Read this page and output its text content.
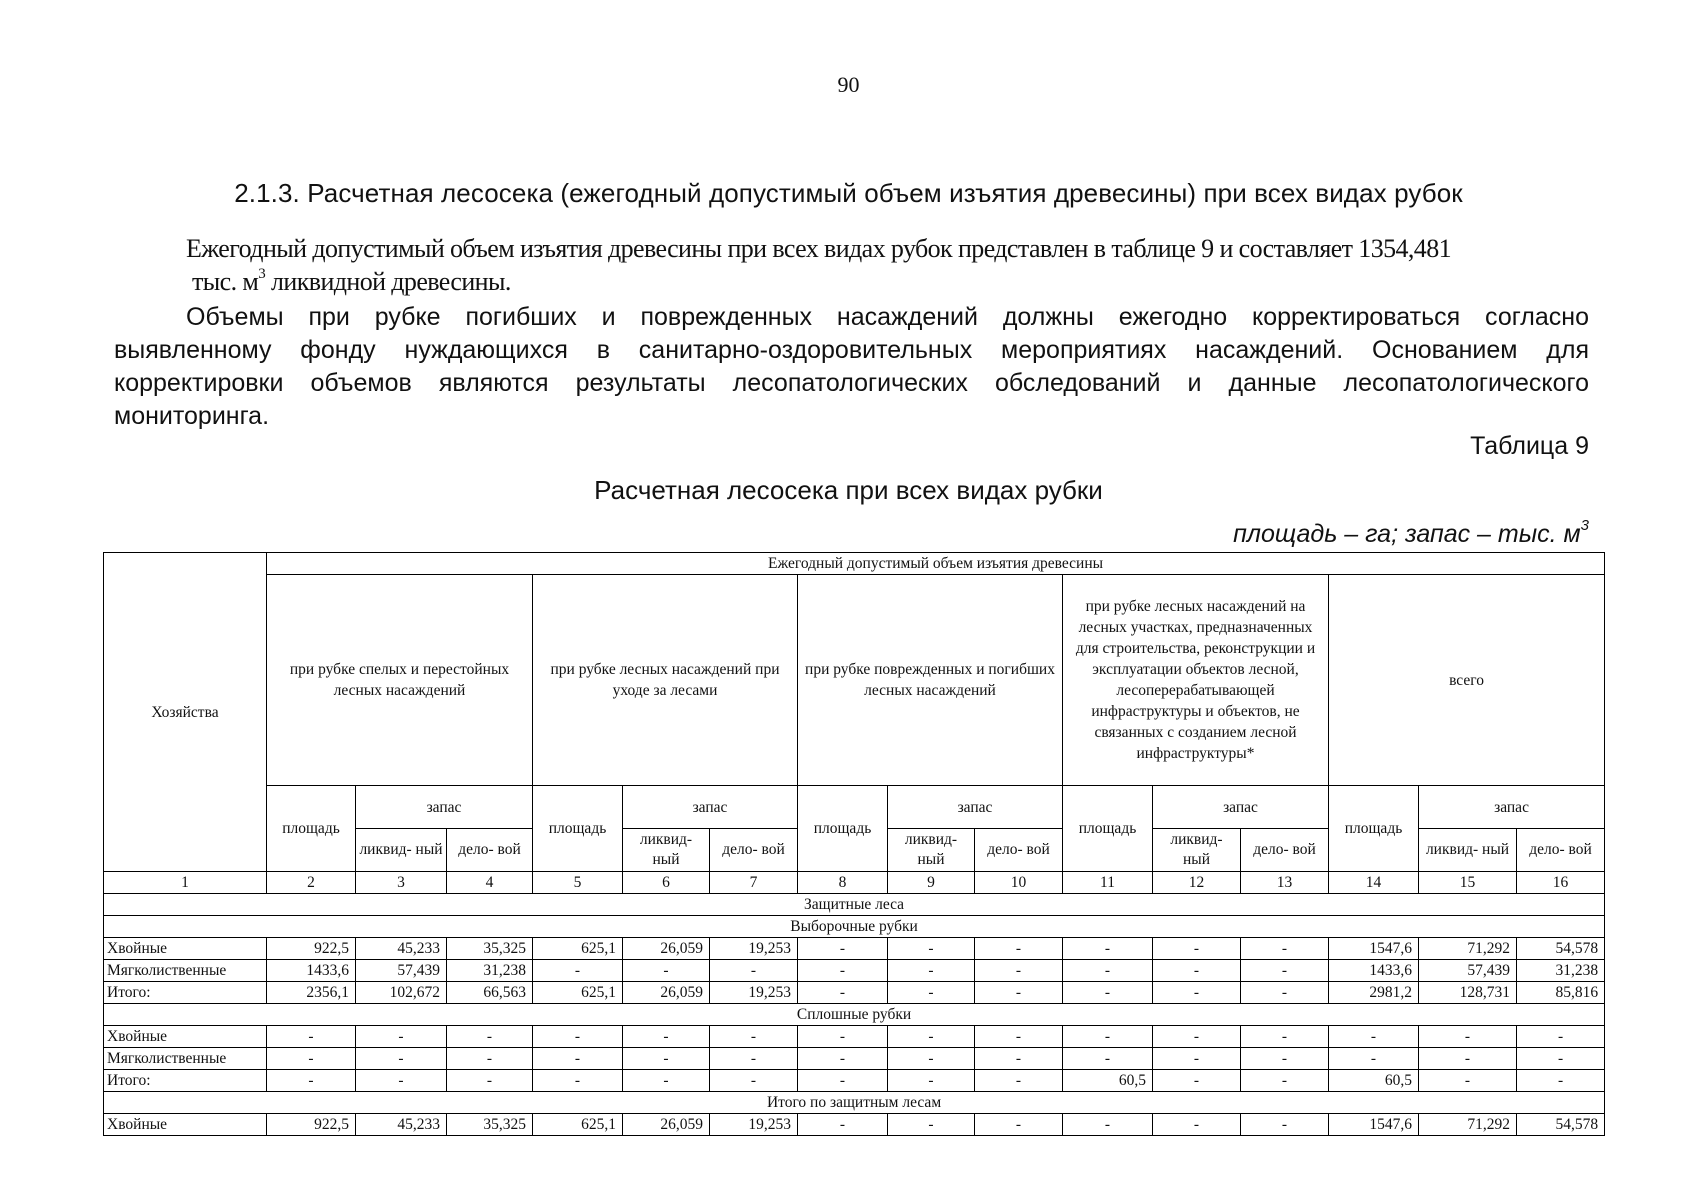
90
2.1.3. Расчетная лесосека (ежегодный допустимый объем изъятия древесины) при всех видах рубок
Ежегодный допустимый объем изъятия древесины при всех видах рубок представлен в таблице 9 и составляет 1354,481
тыс. $м^3$ ликвидной древесины.
Объемы при рубке погибших и поврежденных насаждений должны ежегодно корректироваться согласно
выявленному фонду нуждающихся в санитарно-оздоровительных мероприятиях насаждений. Основанием для
корректировки объемов являются результаты лесопатологических обследований и данные лесопатологического
мониторинга.
Таблица 9
Расчетная лесосека при всех видах рубки
площадь – га; запас – тыс. $м^3$
Хозяйства	Ежегодный допустимый объем изъятия древесины														
	при рубке спелых и перестойных лесных насаждений			при рубке лесных насаждений при уходе за лесами			при рубке поврежденных и погибших лесных насаждений			при рубке лесных насаждений на лесных участках, предназначенных для строительства, реконструкции и эксплуатации объектов лесной, лесоперерабатывающей инфраструктуры и объектов, не связанных с созданием лесной инфраструктуры*			всего		
	площадь	запас		площадь	запас		площадь	запас		площадь	запас		площадь	запас	
		ликвид- ный	дело- вой		ликвид- ный	дело- вой		ликвид- ный	дело- вой		ликвид- ный	дело- вой		ликвид- ный	дело- вой
1	2	3	4	5	6	7	8	9	10	11	12	13	14	15	16
Защитные леса															
Выборочные рубки															
Хвойные	922,5	45,233	35,325	625,1	26,059	19,253	-	-	-	-	-	-	1547,6	71,292	54,578
Мягколиственные	1433,6	57,439	31,238	-	-	-	-	-	-	-	-	-	1433,6	57,439	31,238
Итого:	2356,1	102,672	66,563	625,1	26,059	19,253	-	-	-	-	-	-	2981,2	128,731	85,816
Сплошные рубки															
Хвойные	-	-	-	-	-	-	-	-	-	-	-	-	-	-	-
Мягколиственные	-	-	-	-	-	-	-	-	-	-	-	-	-	-	-
Итого:	-	-	-	-	-	-	-	-	-	60,5	-	-	60,5	-	-
Итого по защитным лесам															
Хвойные	922,5	45,233	35,325	625,1	26,059	19,253	-	-	-	-	-	-	1547,6	71,292	54,578
